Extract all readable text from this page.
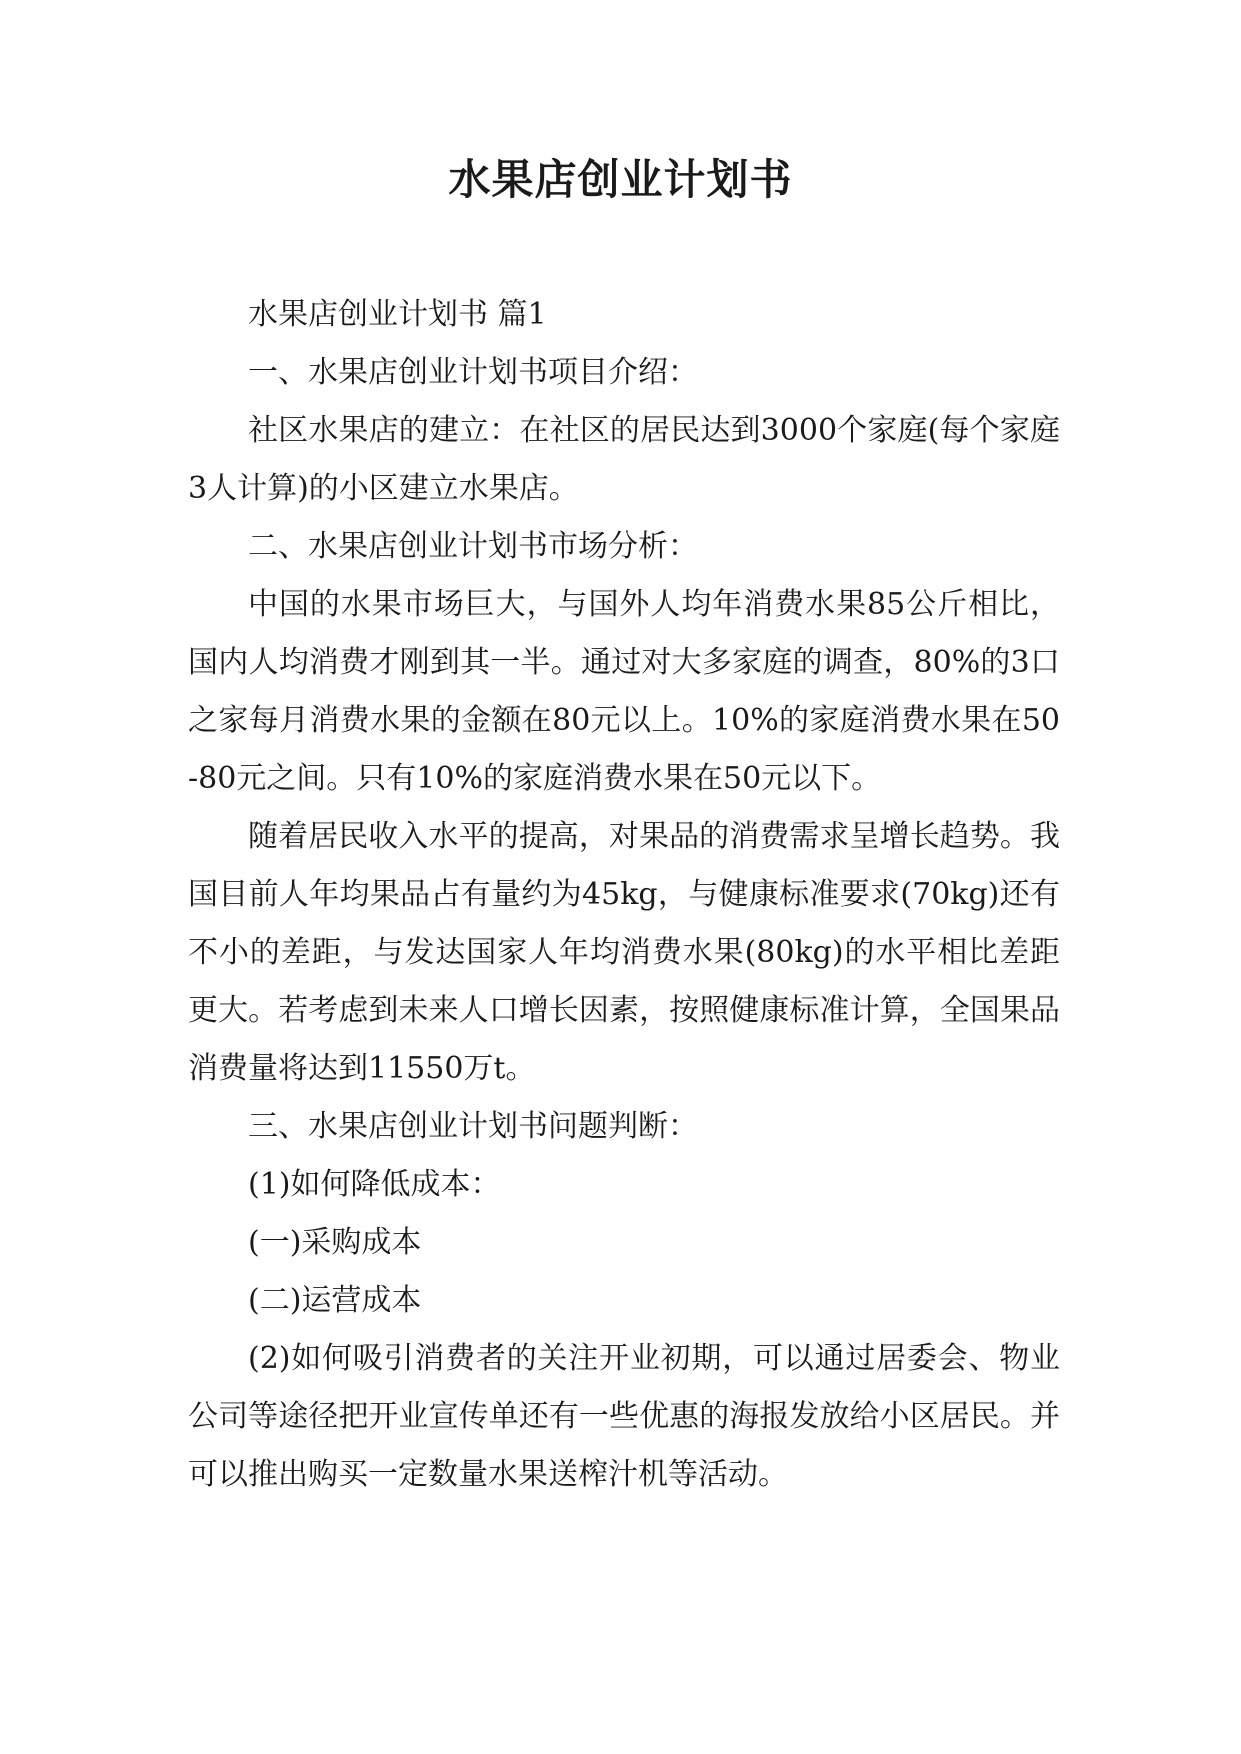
水果店创业计划书

水果店创业计划书 篇1

一、水果店创业计划书项目介绍：

社区水果店的建立：在社区的居民达到3000个家庭(每个家庭3人计算)的小区建立水果店。

二、水果店创业计划书市场分析：

中国的水果市场巨大，与国外人均年消费水果85公斤相比，国内人均消费才刚到其一半。通过对大多家庭的调查，80%的3口之家每月消费水果的金额在80元以上。10%的家庭消费水果在50-80元之间。只有10%的家庭消费水果在50元以下。

随着居民收入水平的提高，对果品的消费需求呈增长趋势。我国目前人年均果品占有量约为45kg，与健康标准要求(70kg)还有不小的差距，与发达国家人年均消费水果(80kg)的水平相比差距更大。若考虑到未来人口增长因素，按照健康标准计算，全国果品消费量将达到11550万t。

三、水果店创业计划书问题判断：

(1)如何降低成本：

(一)采购成本

(二)运营成本

(2)如何吸引消费者的关注开业初期，可以通过居委会、物业公司等途径把开业宣传单还有一些优惠的海报发放给小区居民。并可以推出购买一定数量水果送榨汁机等活动。
